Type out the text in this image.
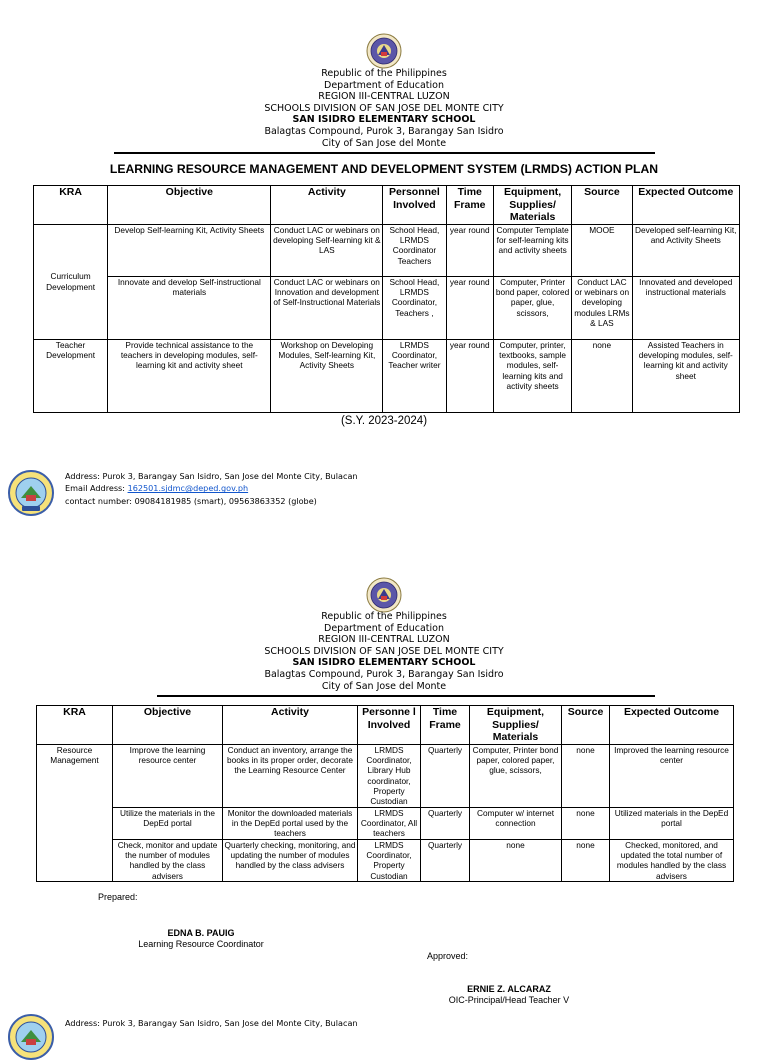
Republic of the Philippines
Department of Education
REGION III-CENTRAL LUZON
SCHOOLS DIVISION OF SAN JOSE DEL MONTE CITY
SAN ISIDRO ELEMENTARY SCHOOL
Balagtas Compound, Purok 3, Barangay San Isidro
City of San Jose del Monte
LEARNING RESOURCE MANAGEMENT AND DEVELOPMENT SYSTEM (LRMDS) ACTION PLAN
KRA	Objective	Activity	Personnel Involved	Time Frame	Equipment, Supplies/ Materials	Source	Expected Outcome
Curriculum Development	Develop Self-learning Kit, Activity Sheets	Conduct LAC or webinars on developing Self-learning kit & LAS	School Head, LRMDS Coordinator Teachers	year round	Computer Template for self-learning kits and activity sheets	MOOE	Developed self-learning Kit, and Activity Sheets
	Innovate and develop Self-instructional materials	Conduct LAC or webinars on Innovation and development of Self-Instructional Materials	School Head, LRMDS Coordinator, Teachers ,	year round	Computer, Printer bond paper, colored paper, glue, scissors,	Conduct LAC or webinars on developing modules LRMs & LAS	Innovated and developed instructional materials
Teacher Development	Provide technical assistance to the teachers in developing modules, self-learning kit and activity sheet	Workshop on Developing Modules, Self-learning Kit, Activity Sheets	LRMDS Coordinator, Teacher writer	year round	Computer, printer, textbooks, sample modules, self-learning kits and activity sheets	none	Assisted Teachers in developing modules, self-learning kit and activity sheet
(S.Y. 2023-2024)
Address: Purok 3, Barangay San Isidro, San Jose del Monte City, Bulacan
Email Address: 162501.sjdmc@deped.gov.ph
contact number: 09084181985 (smart), 09563863352 (globe)
Republic of the Philippines
Department of Education
REGION III-CENTRAL LUZON
SCHOOLS DIVISION OF SAN JOSE DEL MONTE CITY
SAN ISIDRO ELEMENTARY SCHOOL
Balagtas Compound, Purok 3, Barangay San Isidro
City of San Jose del Monte
KRA	Objective	Activity	Personne l Involved	Time Frame	Equipment, Supplies/ Materials	Source	Expected Outcome
Resource Management	Improve the learning resource center	Conduct an inventory, arrange the books in its proper order, decorate the Learning Resource Center	LRMDS Coordinator, Library Hub coordinator, Property Custodian	Quarterly	Computer, Printer bond paper, colored paper, glue, scissors,	none	Improved the learning resource center
	Utilize the materials in the DepEd portal	Monitor the downloaded materials in the DepEd portal used by the teachers	LRMDS Coordinator, All teachers	Quarterly	Computer w/ internet connection	none	Utilized materials in the DepEd portal
	Check, monitor and update the number of modules handled by the class advisers	Quarterly checking, monitoring, and updating the number of modules handled by the class advisers	LRMDS Coordinator, Property Custodian	Quarterly	none	none	Checked, monitored, and updated the total number of modules handled by the class advisers
Prepared:
EDNA B. PAUIG
Learning Resource Coordinator
Approved:
ERNIE Z. ALCARAZ
OIC-Principal/Head Teacher V
Address: Purok 3, Barangay San Isidro, San Jose del Monte City, Bulacan
